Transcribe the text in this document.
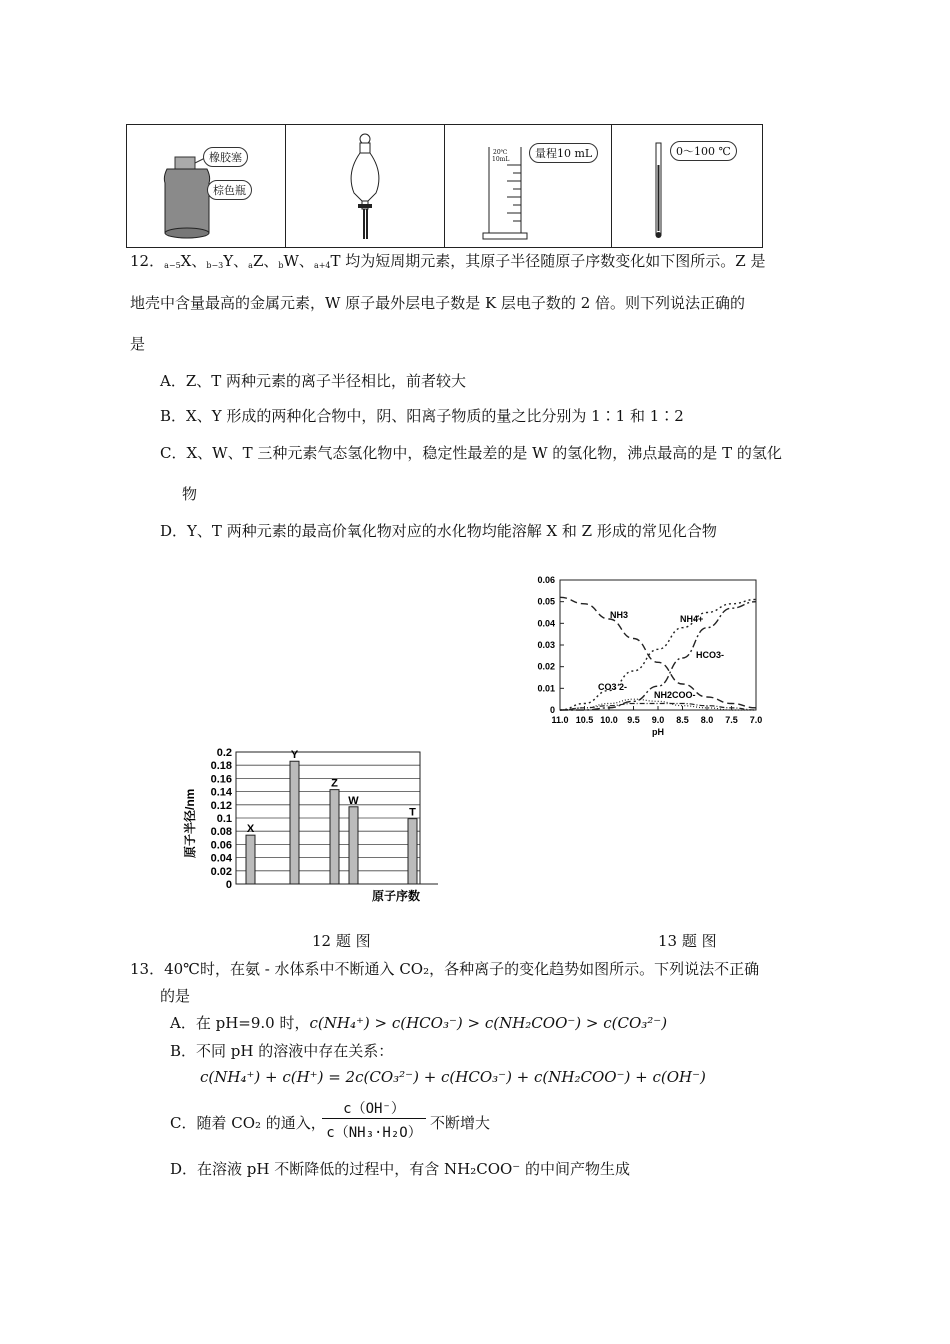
橡胶塞
棕色瓶

20℃
10mL	量程10 mL	0～100 ℃
12．a−5X、b−3Y、aZ、bW、a+4T 均为短周期元素，其原子半径随原子序数变化如下图所示。Z 是
地壳中含量最高的金属元素，W 原子最外层电子数是 K 层电子数的 2 倍。则下列说法正确的
是
A．Z、T 两种元素的离子半径相比，前者较大
B．X、Y 形成的两种化合物中，阴、阳离子物质的量之比分别为 1∶1 和 1∶2
C．X、W、T 三种元素气态氢化物中，稳定性最差的是 W 的氢化物，沸点最高的是 T 的氢化
物
D．Y、T 两种元素的最高价氧化物对应的水化物均能溶解 X 和 Z 形成的常见化合物
0
0.02
0.04
0.06
0.08
0.1
0.12
0.14
0.16
0.18
0.2
X
Y
Z
W
T
原子序数
原子半径/nm
0
0.01
0.02
0.03
0.04
0.05
0.06
11.0 10.5 10.0 9.5 9.0 8.5 8.0 7.5 7.0
pH
NH3	NH4+
HCO3-
CO3 2-
NH2COO-
12 题 图	13 题 图
13．40℃时，在氨 - 水体系中不断通入 CO₂，各种离子的变化趋势如图所示。下列说法不正确
的是
A．在 pH=9.0 时，c(NH₄⁺) > c(HCO₃⁻) > c(NH₂COO⁻) > c(CO₃²⁻)
B．不同 pH 的溶液中存在关系：
c(NH₄⁺) + c(H⁺) = 2c(CO₃²⁻) + c(HCO₃⁻) + c(NH₂COO⁻) + c(OH⁻)
C．随着 CO₂ 的通入，
c（OH⁻）
c（NH₃·H₂O）
不断增大
D．在溶液 pH 不断降低的过程中，有含 NH₂COO⁻ 的中间产物生成
